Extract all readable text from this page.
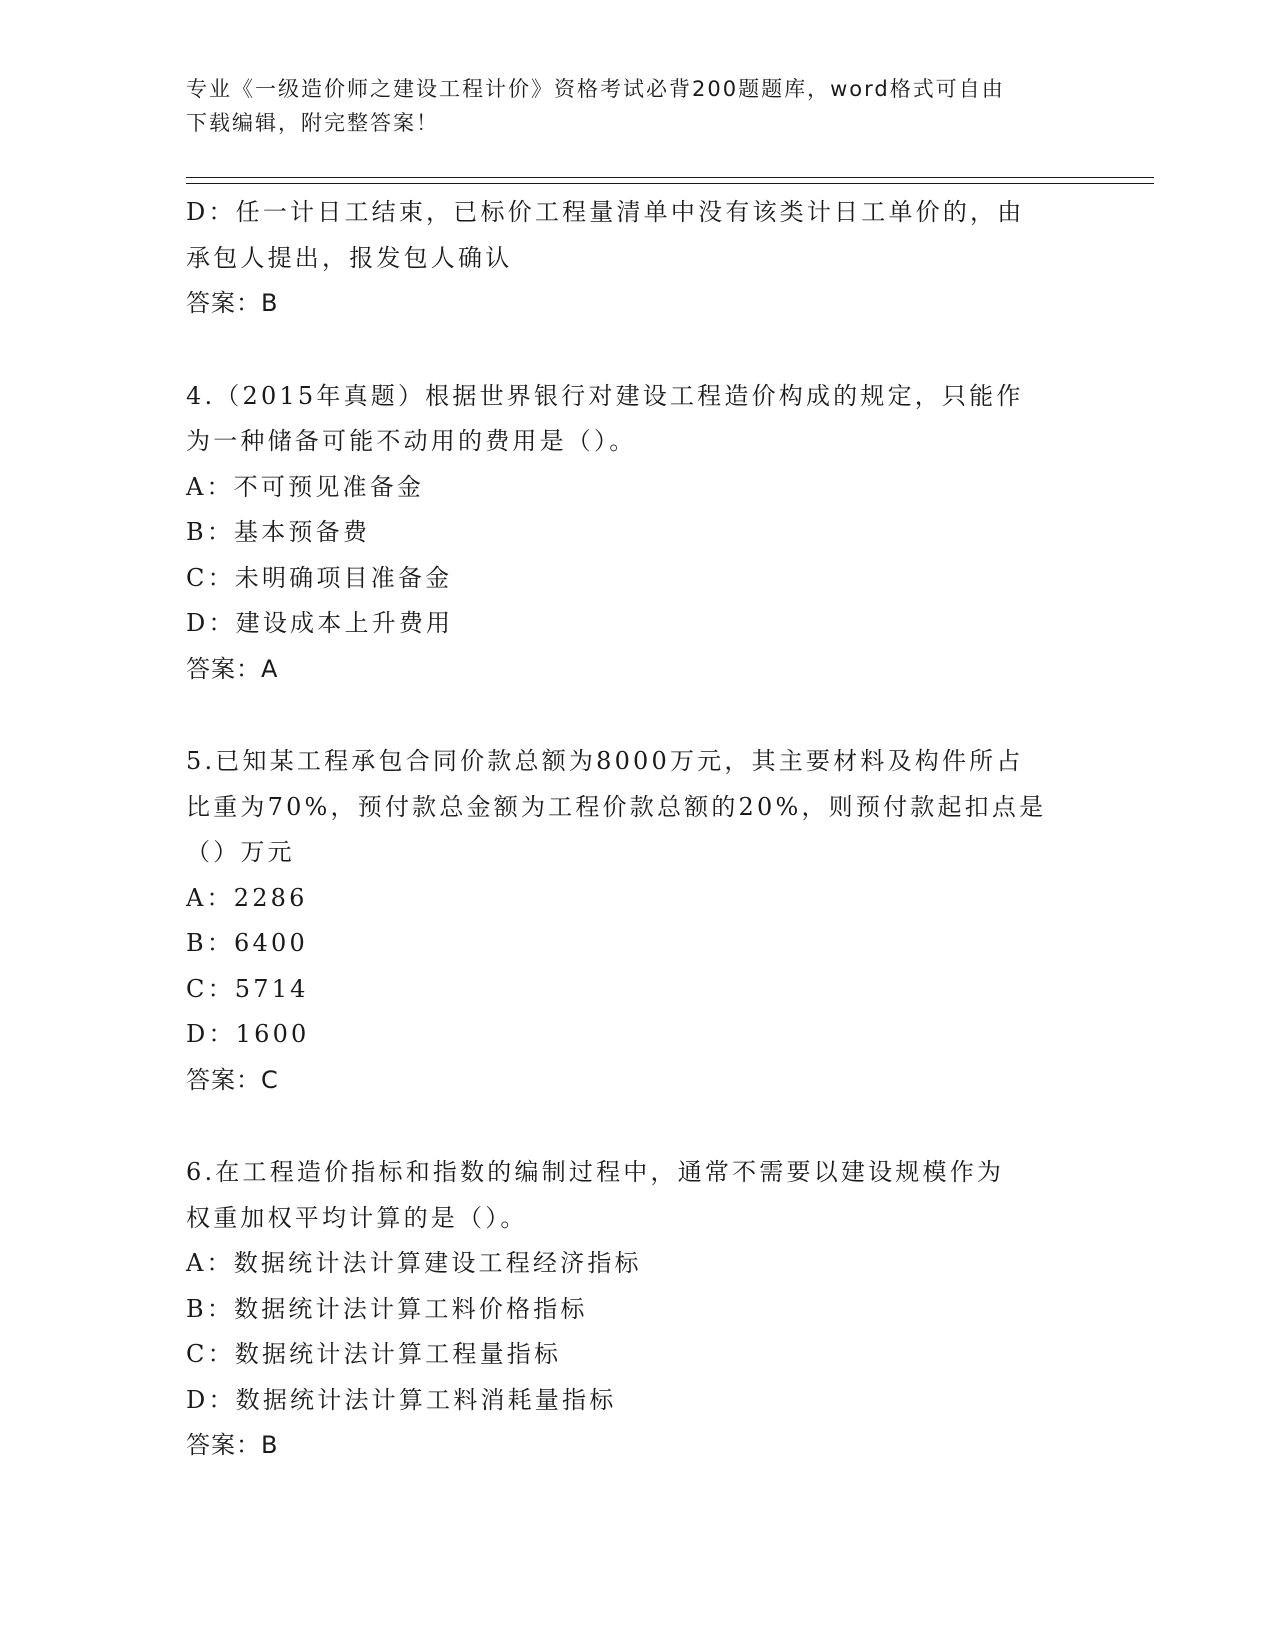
专业《一级造价师之建设工程计价》资格考试必背200题题库，word格式可自由
下载编辑，附完整答案！
D：任一计日工结束，已标价工程量清单中没有该类计日工单价的，由
承包人提出，报发包人确认
答案：B
4.（2015年真题）根据世界银行对建设工程造价构成的规定，只能作
为一种储备可能不动用的费用是（）。
A：不可预见准备金
B：基本预备费
C：未明确项目准备金
D：建设成本上升费用
答案：A
5.已知某工程承包合同价款总额为8000万元，其主要材料及构件所占
比重为70%，预付款总金额为工程价款总额的20%，则预付款起扣点是
（）万元
A：2286
B：6400
C：5714
D：1600
答案：C
6.在工程造价指标和指数的编制过程中，通常不需要以建设规模作为
权重加权平均计算的是（）。
A：数据统计法计算建设工程经济指标
B：数据统计法计算工料价格指标
C：数据统计法计算工程量指标
D：数据统计法计算工料消耗量指标
答案：B
